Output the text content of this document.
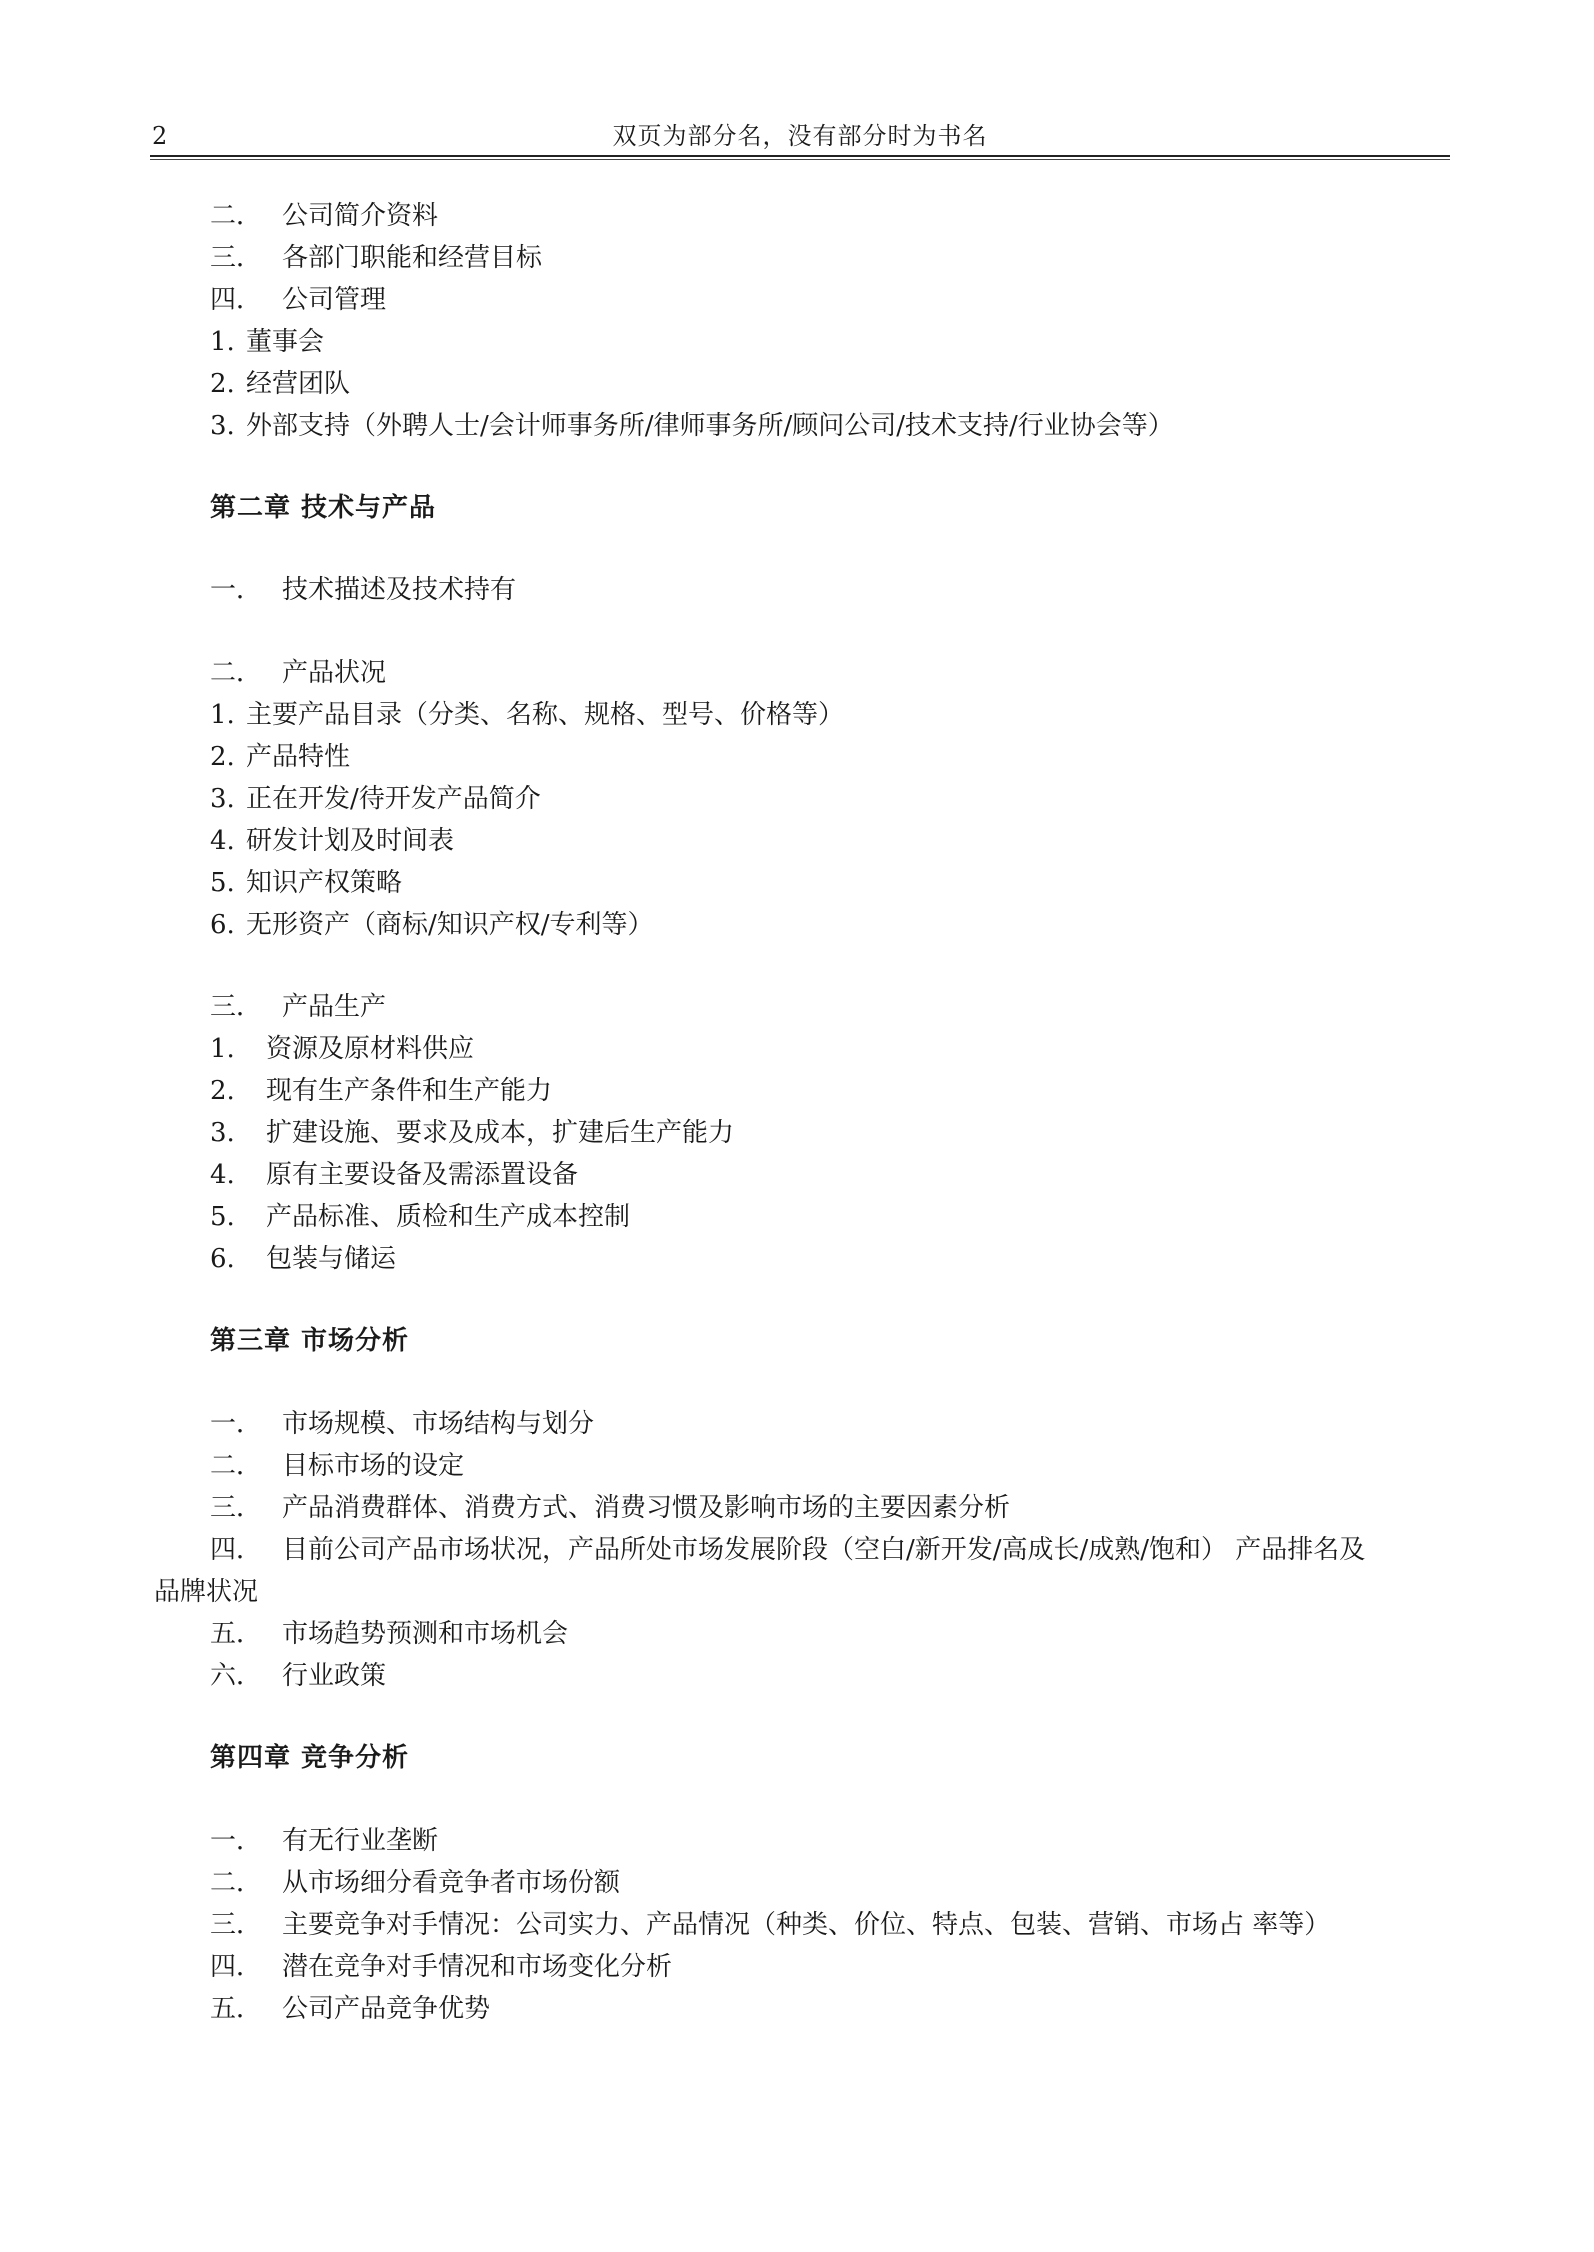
2	双页为部分名，没有部分时为书名
二． 公司简介资料
三． 各部门职能和经营目标
四． 公司管理
1. 董事会
2. 经营团队
3. 外部支持（外聘人士/会计师事务所/律师事务所/顾问公司/技术支持/行业协会等）
第二章 技术与产品
一． 技术描述及技术持有
二． 产品状况
1. 主要产品目录（分类、名称、规格、型号、价格等）
2. 产品特性
3. 正在开发/待开发产品简介
4. 研发计划及时间表
5. 知识产权策略
6. 无形资产（商标/知识产权/专利等）
三． 产品生产
1. 资源及原材料供应
2. 现有生产条件和生产能力
3. 扩建设施、要求及成本，扩建后生产能力
4. 原有主要设备及需添置设备
5. 产品标准、质检和生产成本控制
6. 包装与储运
第三章 市场分析
一． 市场规模、市场结构与划分
二． 目标市场的设定
三． 产品消费群体、消费方式、消费习惯及影响市场的主要因素分析
四． 目前公司产品市场状况，产品所处市场发展阶段（空白/新开发/高成长/成熟/饱和） 产品排名及
品牌状况
五． 市场趋势预测和市场机会
六． 行业政策
第四章 竞争分析
一． 有无行业垄断
二． 从市场细分看竞争者市场份额
三． 主要竞争对手情况：公司实力、产品情况（种类、价位、特点、包装、营销、市场占 率等）
四． 潜在竞争对手情况和市场变化分析
五． 公司产品竞争优势
